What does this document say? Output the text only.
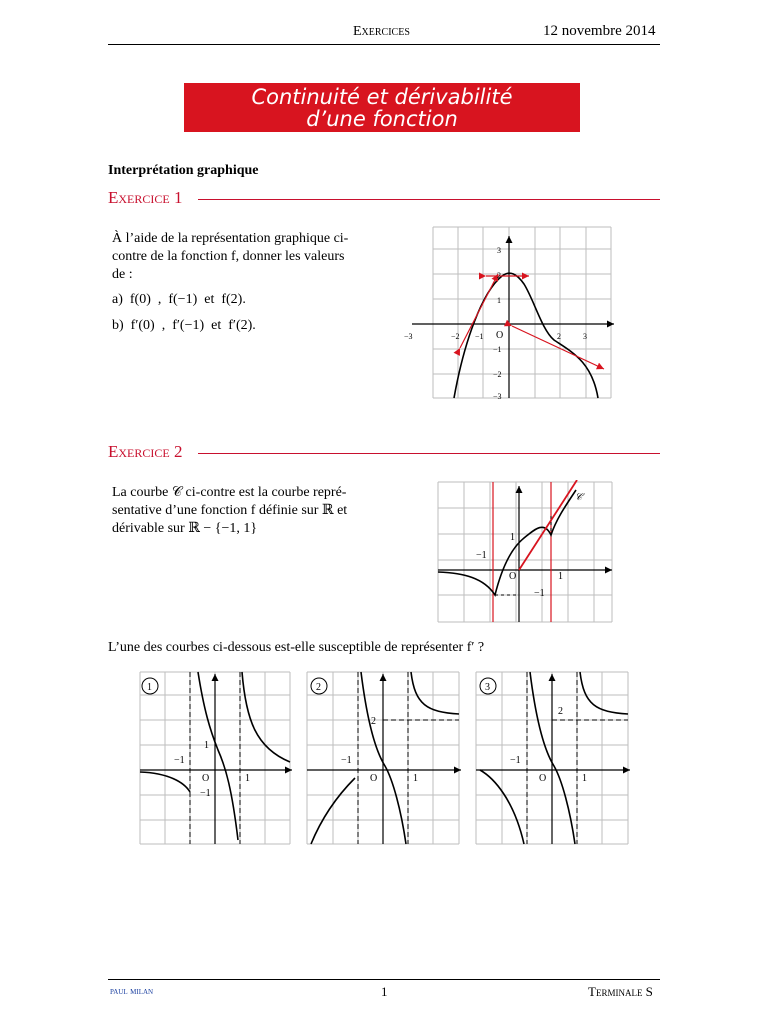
Exercices	12 novembre 2014
Continuité et dérivabilité
d’une fonction
Interprétation graphique
Exercice 1
À l’aide de la représentation graphique ci-
contre de la fonction f, donner les valeurs
de :
a)  f(0)  ,  f(−1)  et  f(2).
b)  f′(0)  ,  f′(−1)  et  f′(2).
−3	−2 −1	2	3
3
2
1
−1
−2
−3
O
Exercice 2
La courbe 𝒞 ci-contre est la courbe repré-
sentative d’une fonction f définie sur ℝ et
dérivable sur ℝ − {−1, 1}
𝒞
1
−1
O	1
−1
L’une des courbes ci-dessous est-elle susceptible de représenter f′ ?
1
1
−1
O	1
−1
2
2
−1
O	1
3
2
−1
O	1
paul milan	1	Terminale S
